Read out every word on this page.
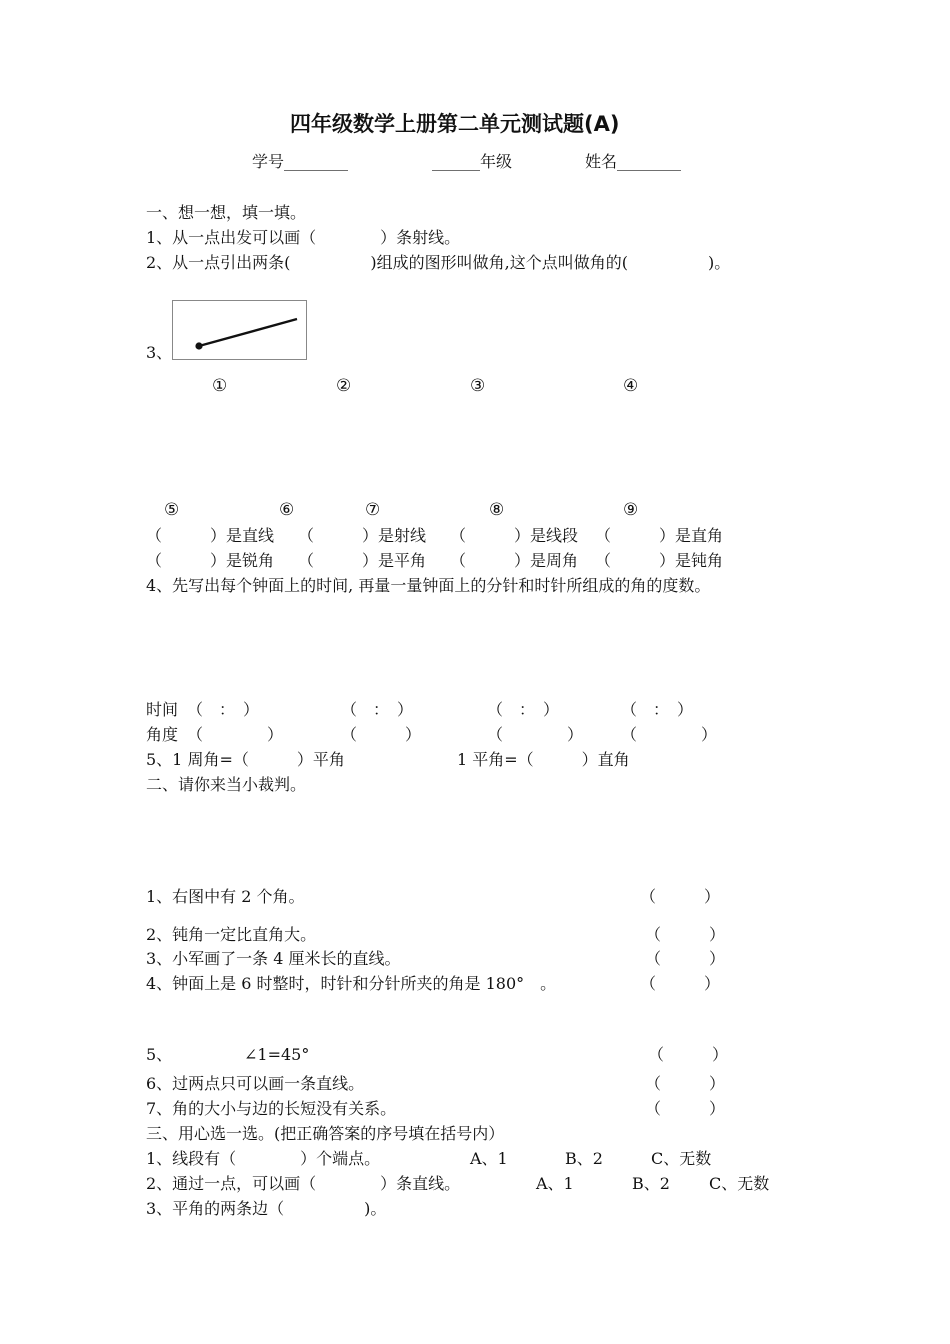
四年级数学上册第二单元测试题(A)
学号________	______年级	姓名________
一、想一想，填一填。
1、从一点出发可以画（　　　　）条射线。
2、从一点引出两条(　　　　　)组成的图形叫做角,这个点叫做角的(　　　　　)。
3、
①	②	③	④
⑤	⑥	⑦	⑧	⑨
（　　　）是直线 （　　　）是射线 （　　　）是线段 （　　　）是直角
（　　　）是锐角 （　　　）是平角 （　　　）是周角 （　　　）是钝角
4、先写出每个钟面上的时间, 再量一量钟面上的分针和时针所组成的角的度数。
时间 （　：　）	（　：　）	（　：　）	（　：　）
角度 （　　　　）	（　　　）	（　　　　） （　　　　）
5、1 周角=（　　　）平角	1 平角=（　　　）直角
二、请你来当小裁判。
1、右图中有 2 个角。	（　　　）
2、钝角一定比直角大。	（　　　）
3、小军画了一条 4 厘米长的直线。	（　　　）
4、钟面上是 6 时整时，时针和分针所夹的角是 180°　。	（　　　）
5、	∠1=45°	（　　　）
6、过两点只可以画一条直线。	（　　　）
7、角的大小与边的长短没有关系。	（　　　）
三、用心选一选。(把正确答案的序号填在括号内）
1、线段有（　　　　）个端点。	A、1	B、2	C、无数
2、通过一点，可以画（　　　　）条直线。	A、1	B、2 C、无数
3、平角的两条边（　　　　　)。
